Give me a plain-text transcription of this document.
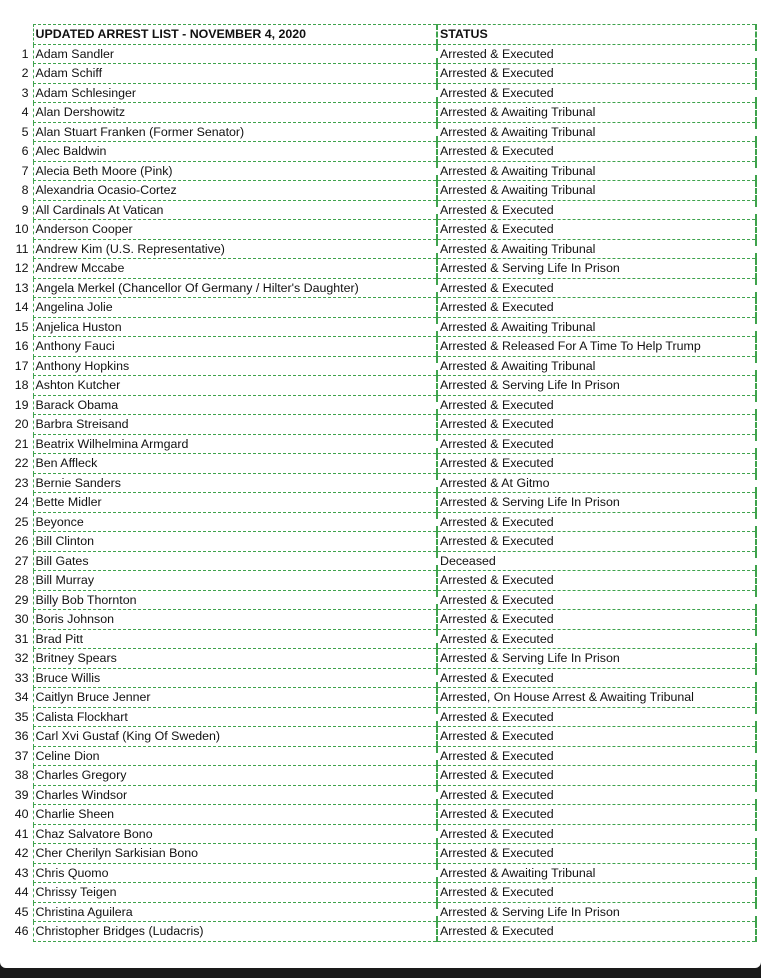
	UPDATED ARREST LIST - NOVEMBER 4, 2020	STATUS
1	Adam Sandler	Arrested & Executed
2	Adam Schiff	Arrested & Executed
3	Adam Schlesinger	Arrested & Executed
4	Alan Dershowitz	Arrested & Awaiting Tribunal
5	Alan Stuart Franken (Former Senator)	Arrested & Awaiting Tribunal
6	Alec Baldwin	Arrested & Executed
7	Alecia Beth Moore (Pink)	Arrested & Awaiting Tribunal
8	Alexandria Ocasio-Cortez	Arrested & Awaiting Tribunal
9	All Cardinals At Vatican	Arrested & Executed
10	Anderson Cooper	Arrested & Executed
11	Andrew Kim (U.S. Representative)	Arrested & Awaiting Tribunal
12	Andrew Mccabe	Arrested & Serving Life In Prison
13	Angela Merkel (Chancellor Of Germany / Hilter's Daughter)	Arrested & Executed
14	Angelina Jolie	Arrested & Executed
15	Anjelica Huston	Arrested & Awaiting Tribunal
16	Anthony Fauci	Arrested & Released For A Time To Help Trump
17	Anthony Hopkins	Arrested & Awaiting Tribunal
18	Ashton Kutcher	Arrested & Serving Life In Prison
19	Barack Obama	Arrested & Executed
20	Barbra Streisand	Arrested & Executed
21	Beatrix Wilhelmina Armgard	Arrested & Executed
22	Ben Affleck	Arrested & Executed
23	Bernie Sanders	Arrested & At Gitmo
24	Bette Midler	Arrested & Serving Life In Prison
25	Beyonce	Arrested & Executed
26	Bill Clinton	Arrested & Executed
27	Bill Gates	Deceased
28	Bill Murray	Arrested & Executed
29	Billy Bob Thornton	Arrested & Executed
30	Boris Johnson	Arrested & Executed
31	Brad Pitt	Arrested & Executed
32	Britney Spears	Arrested & Serving Life In Prison
33	Bruce Willis	Arrested & Executed
34	Caitlyn Bruce Jenner	Arrested, On House Arrest & Awaiting Tribunal
35	Calista Flockhart	Arrested & Executed
36	Carl Xvi Gustaf (King Of Sweden)	Arrested & Executed
37	Celine Dion	Arrested & Executed
38	Charles Gregory	Arrested & Executed
39	Charles Windsor	Arrested & Executed
40	Charlie Sheen	Arrested & Executed
41	Chaz Salvatore Bono	Arrested & Executed
42	Cher Cherilyn Sarkisian Bono	Arrested & Executed
43	Chris Quomo	Arrested & Awaiting Tribunal
44	Chrissy Teigen	Arrested & Executed
45	Christina Aguilera	Arrested & Serving Life In Prison
46	Christopher Bridges (Ludacris)	Arrested & Executed
